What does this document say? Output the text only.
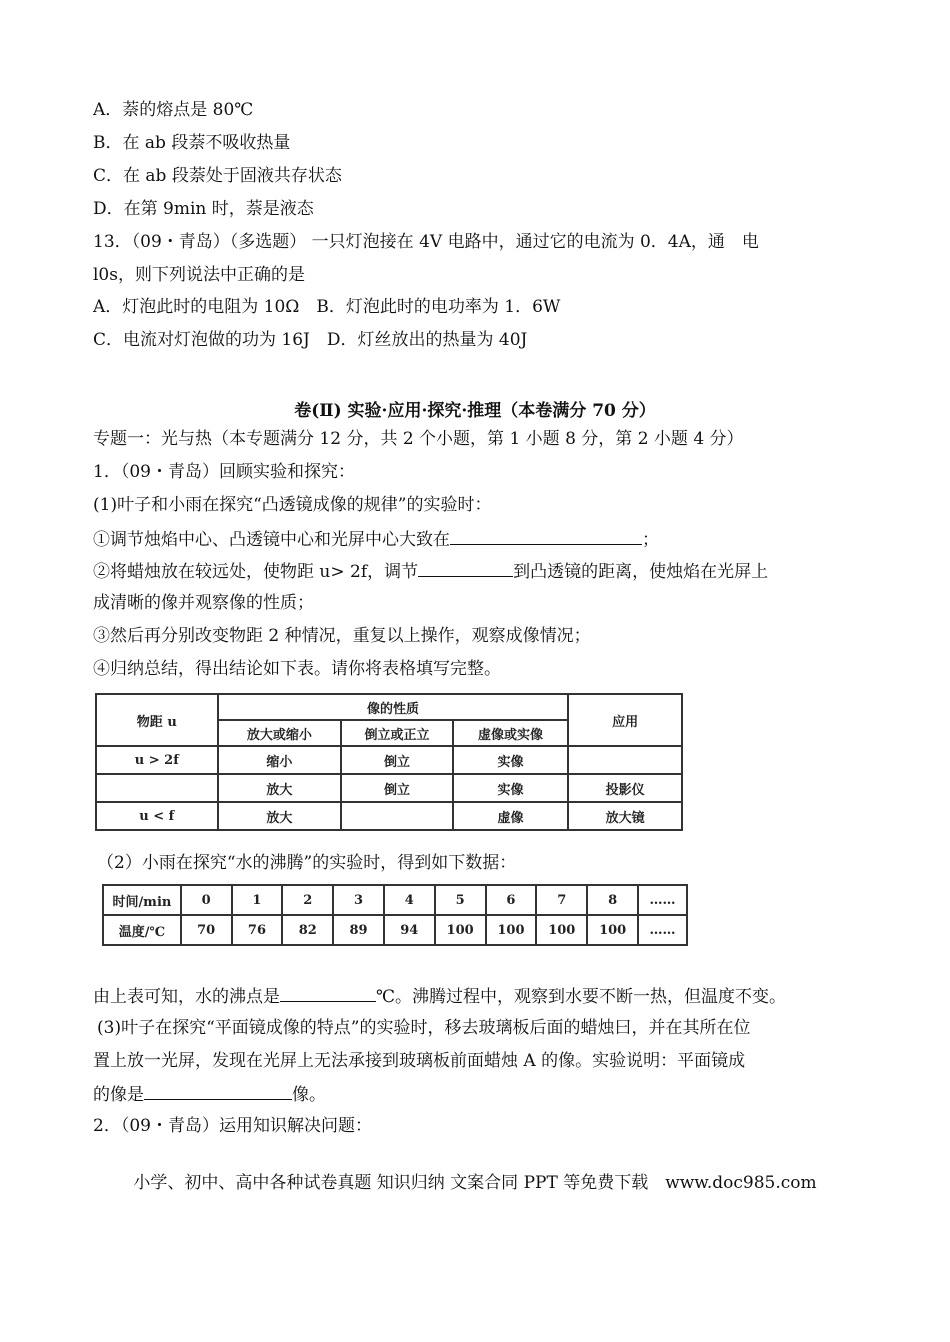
A．萘的熔点是 80℃
B．在 ab 段萘不吸收热量
C．在 ab 段萘处于固液共存状态
D．在第 9min 时，萘是液态
13．（09・青岛）（多选题） 一只灯泡接在 4V 电路中，通过它的电流为 0．4A，通　电
l0s，则下列说法中正确的是
A．灯泡此时的电阻为 10Ω　B．灯泡此时的电功率为 1．6W
C．电流对灯泡做的功为 16J　D．灯丝放出的热量为 40J
卷(Ⅱ) 实验·应用·探究·推理（本卷满分 70 分）
专题一：光与热（本专题满分 12 分，共 2 个小题，第 1 小题 8 分，第 2 小题 4 分）
1．（09・青岛）回顾实验和探究：
(1)叶子和小雨在探究“凸透镜成像的规律”的实验时：
①调节烛焰中心、凸透镜中心和光屏中心大致在	；
②将蜡烛放在较远处，使物距 u> 2f，调节	到凸透镜的距离，使烛焰在光屏上
成清晰的像并观察像的性质；
③然后再分别改变物距 2 种情况，重复以上操作，观察成像情况；
④归纳总结，得出结论如下表。请你将表格填写完整。
物距 u	像的性质			应用
	放大或缩小	倒立或正立	虚像或实像	
u > 2f	缩小	倒立	实像	
	放大	倒立	实像	投影仪
u < f	放大		虚像	放大镜
（2）小雨在探究“水的沸腾”的实验时，得到如下数据：
时间/min	0	1	2	3	4	5	6	7	8	……
温度/℃	70	76	82	89	94	100	100	100	100	……
由上表可知，水的沸点是	℃。沸腾过程中，观察到水要不断一热，但温度不变。
(3)叶子在探究“平面镜成像的特点”的实验时，移去玻璃板后面的蜡烛曰，并在其所在位
置上放一光屏，发现在光屏上无法承接到玻璃板前面蜡烛 A 的像。实验说明：平面镜成
的像是	像。
2．（09・青岛）运用知识解决问题：
小学、初中、高中各种试卷真题 知识归纳 文案合同 PPT 等免费下载　www.doc985.com
